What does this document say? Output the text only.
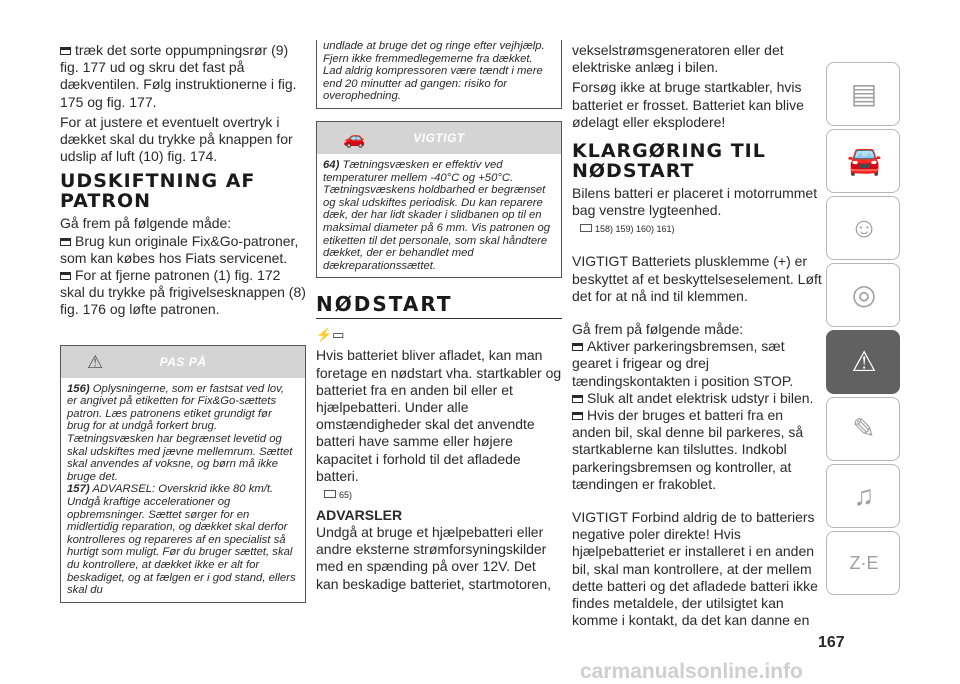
træk det sorte oppumpningsrør (9) fig. 177 ud og skru det fast på dækventilen. Følg instruktionerne i fig. 175 og fig. 177.

For at justere et eventuelt overtryk i dækket skal du trykke på knappen for udslip af luft (10) fig. 174.

UDSKIFTNING AF PATRON

Gå frem på følgende måde:

Brug kun originale Fix&Go-patroner, som kan købes hos Fiats servicenet.

For at fjerne patronen (1) fig. 172 skal du trykke på frigivelsesknappen (8) fig. 176 og løfte patronen.

⚠	PAS PÅ

156) Oplysningerne, som er fastsat ved lov, er angivet på etiketten for Fix&Go-sættets patron. Læs patronens etiket grundigt før brug for at undgå forkert brug. Tætningsvæsken har begrænset levetid og skal udskiftes med jævne mellemrum. Sættet skal anvendes af voksne, og børn må ikke bruge det.

157) ADVARSEL: Overskrid ikke 80 km/t. Undgå kraftige accelerationer og opbremsninger. Sættet sørger for en midlertidig reparation, og dækket skal derfor kontrolleres og repareres af en specialist så hurtigt som muligt. Før du bruger sættet, skal du kontrollere, at dækket ikke er alt for beskadiget, og at fælgen er i god stand, ellers skal du

undlade at bruge det og ringe efter vejhjælp. Fjern ikke fremmedlegemerne fra dækket. Lad aldrig kompressoren være tændt i mere end 20 minutter ad gangen: risiko for overophedning.

🚗	VIGTIGT

64) Tætningsvæsken er effektiv ved temperaturer mellem -40°C og +50°C. Tætningsvæskens holdbarhed er begrænset og skal udskiftes periodisk. Du kan reparere dæk, der har lidt skader i slidbanen op til en maksimal diameter på 6 mm. Vis patronen og etiketten til det personale, som skal håndtere dækket, der er behandlet med dækreparationssættet.

NØDSTART
⚡▭

Hvis batteriet bliver afladet, kan man foretage en nødstart vha. startkabler og batteriet fra en anden bil eller et hjælpebatteri. Under alle omstændigheder skal det anvendte batteri have samme eller højere kapacitet i forhold til det afladede batteri.

65)
ADVARSLER

Undgå at bruge et hjælpebatteri eller andre eksterne strømforsyningskilder med en spænding på over 12V. Det kan beskadige batteriet, startmotoren,

vekselstrømsgeneratoren eller det elektriske anlæg i bilen.

Forsøg ikke at bruge startkabler, hvis batteriet er frosset. Batteriet kan blive ødelagt eller eksplodere!

KLARGØRING TIL NØDSTART

Bilens batteri er placeret i motorrummet bag venstre lygteenhed.

158) 159) 160) 161)

VIGTIGT Batteriets plusklemme (+) er beskyttet af et beskyttelseselement. Løft det for at nå ind til klemmen.

Gå frem på følgende måde:

Aktiver parkeringsbremsen, sæt gearet i frigear og drej tændingskontakten i position STOP.

Sluk alt andet elektrisk udstyr i bilen.

Hvis der bruges et batteri fra en anden bil, skal denne bil parkeres, så startkablerne kan tilsluttes. Indkobl parkeringsbremsen og kontroller, at tændingen er frakoblet.

VIGTIGT Forbind aldrig de to batteriers negative poler direkte! Hvis hjælpebatteriet er installeret i en anden bil, skal man kontrollere, at der mellem dette batteri og det afladede batteri ikke findes metaldele, der utilsigtet kan komme i kontakt, da det kan danne en

▤
🚘
☺
◎
⚠
✎
♫
Z·E

167
carmanualsonline.info
